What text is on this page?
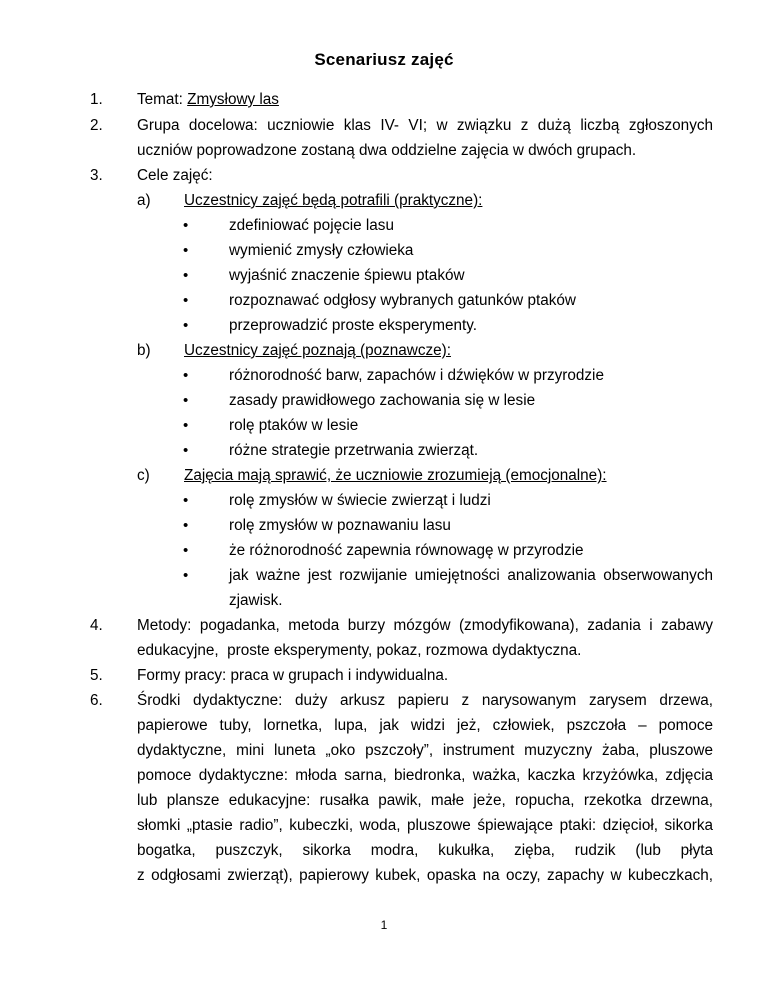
Scenariusz zajęć
1. Temat: Zmysłowy las
2. Grupa docelowa: uczniowie klas IV- VI; w związku z dużą liczbą zgłoszonych
uczniów poprowadzone zostaną dwa oddzielne zajęcia w dwóch grupach.
3. Cele zajęć:
a) Uczestnicy zajęć będą potrafili (praktyczne):
•	zdefiniować pojęcie lasu
•	wymienić zmysły człowieka
•	wyjaśnić znaczenie śpiewu ptaków
•	rozpoznawać odgłosy wybranych gatunków ptaków
•	przeprowadzić proste eksperymenty.
b) Uczestnicy zajęć poznają (poznawcze):
•	różnorodność barw, zapachów i dźwięków w przyrodzie
•	zasady prawidłowego zachowania się w lesie
•	rolę ptaków w lesie
•	różne strategie przetrwania zwierząt.
c) Zajęcia mają sprawić, że uczniowie zrozumieją (emocjonalne):
•	rolę zmysłów w świecie zwierząt i ludzi
•	rolę zmysłów w poznawaniu lasu
•	że różnorodność zapewnia równowagę w przyrodzie
•	jak ważne jest rozwijanie umiejętności analizowania obserwowanych
zjawisk.
4. Metody: pogadanka, metoda burzy mózgów (zmodyfikowana), zadania i zabawy
edukacyjne,  proste eksperymenty, pokaz, rozmowa dydaktyczna.
5. Formy pracy: praca w grupach i indywidualna.
6. Środki dydaktyczne: duży arkusz papieru z narysowanym zarysem drzewa,
papierowe tuby, lornetka, lupa, jak widzi jeż, człowiek, pszczoła – pomoce
dydaktyczne, mini luneta „oko pszczoły”, instrument muzyczny żaba, pluszowe
pomoce dydaktyczne: młoda sarna, biedronka, ważka, kaczka krzyżówka, zdjęcia
lub plansze edukacyjne: rusałka pawik, małe jeże, ropucha, rzekotka drzewna,
słomki „ptasie radio”, kubeczki, woda, pluszowe śpiewające ptaki: dzięcioł, sikorka
bogatka, puszczyk, sikorka modra, kukułka, zięba, rudzik (lub płyta
z odgłosami zwierząt), papierowy kubek, opaska na oczy, zapachy w kubeczkach,
1
